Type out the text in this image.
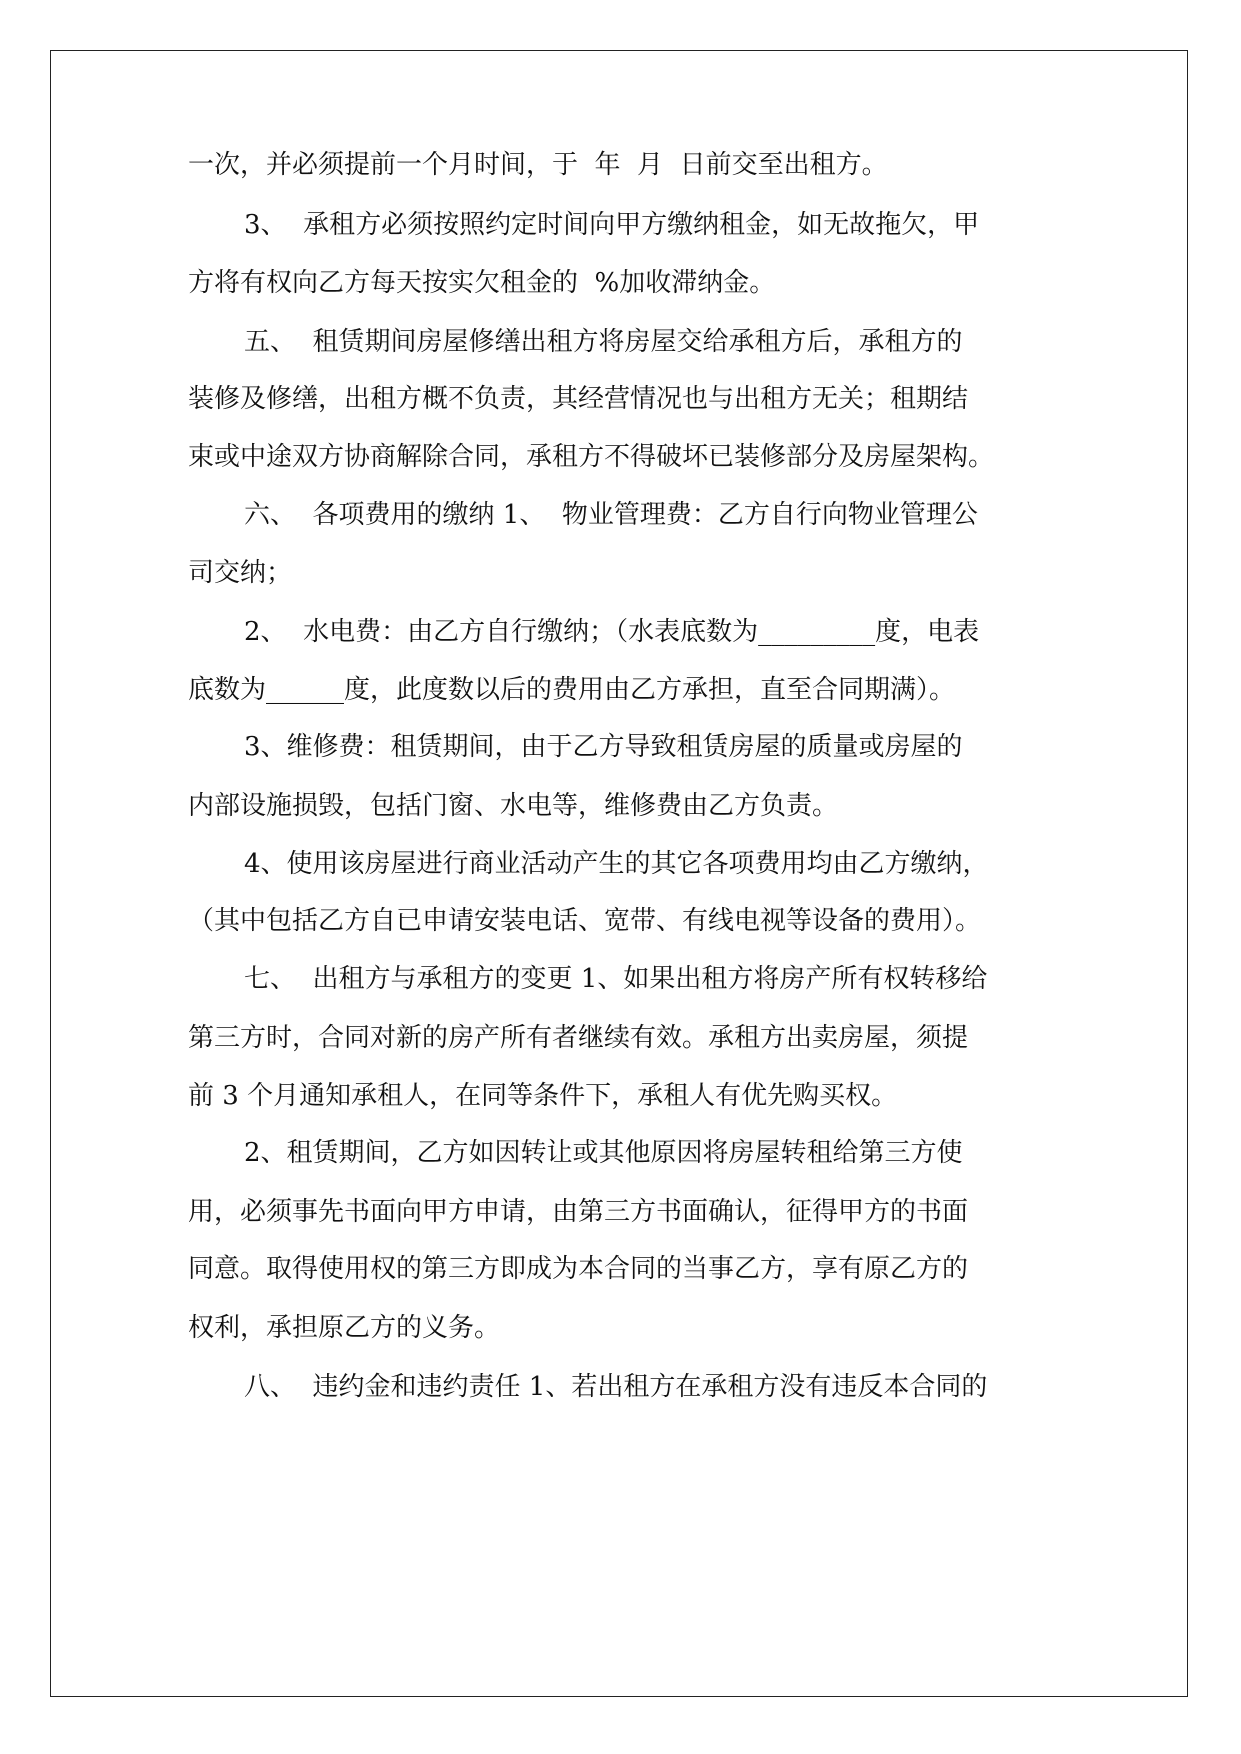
一次，并必须提前一个月时间，于  年  月  日前交至出租方。

3、  承租方必须按照约定时间向甲方缴纳租金，如无故拖欠，甲

方将有权向乙方每天按实欠租金的  %加收滞纳金。

五、  租赁期间房屋修缮出租方将房屋交给承租方后，承租方的

装修及修缮，出租方概不负责，其经营情况也与出租方无关；租期结

束或中途双方协商解除合同，承租方不得破坏已装修部分及房屋架构。

六、  各项费用的缴纳 1、  物业管理费：乙方自行向物业管理公

司交纳；

2、  水电费：由乙方自行缴纳；（水表底数为_________度，电表

底数为______度，此度数以后的费用由乙方承担，直至合同期满）。

3、维修费：租赁期间，由于乙方导致租赁房屋的质量或房屋的

内部设施损毁，包括门窗、水电等，维修费由乙方负责。

4、使用该房屋进行商业活动产生的其它各项费用均由乙方缴纳，

（其中包括乙方自已申请安装电话、宽带、有线电视等设备的费用）。

七、  出租方与承租方的变更 1、如果出租方将房产所有权转移给

第三方时，合同对新的房产所有者继续有效。承租方出卖房屋，须提

前 3 个月通知承租人，在同等条件下，承租人有优先购买权。

2、租赁期间，乙方如因转让或其他原因将房屋转租给第三方使

用，必须事先书面向甲方申请，由第三方书面确认，征得甲方的书面

同意。取得使用权的第三方即成为本合同的当事乙方，享有原乙方的

权利，承担原乙方的义务。

八、  违约金和违约责任 1、若出租方在承租方没有违反本合同的
